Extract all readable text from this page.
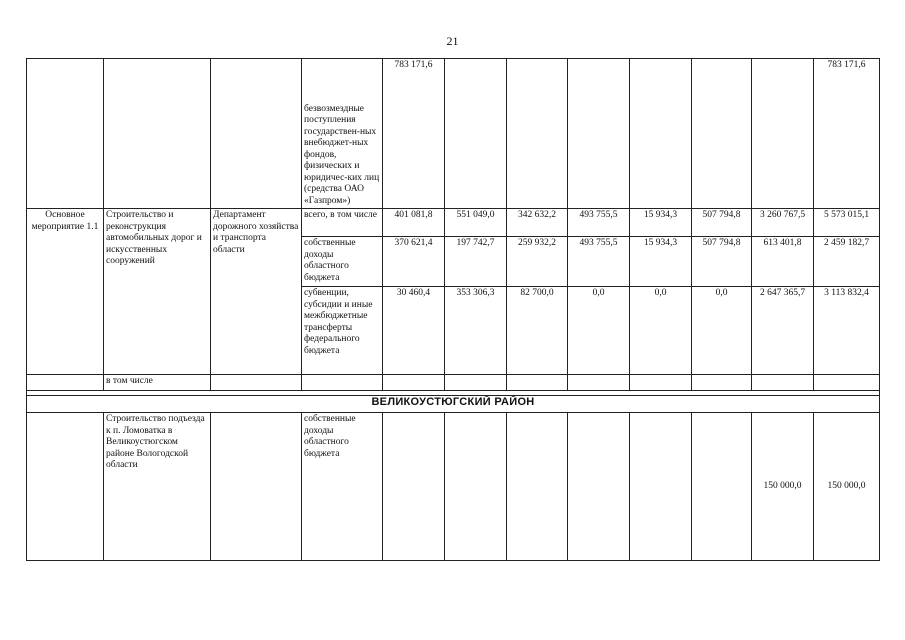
21
			безвозмездные поступления государствен-ных внебюджет-ных фондов, физических и юридичес-ких лиц (средства ОАО «Газпром»)	783 171,6							783 171,6
Основное мероприятие 1.1	Строительство и реконструкция автомобильных дорог и искусственных сооружений	Департамент дорожного хозяйства и транспорта области	всего, в том числе	401 081,8	551 049,0	342 632,2	493 755,5	15 934,3	507 794,8	3 260 767,5	5 573 015,1
			собственные доходы областного бюджета	370 621,4	197 742,7	259 932,2	493 755,5	15 934,3	507 794,8	613 401,8	2 459 182,7
			субвенции, субсидии и иные межбюджетные трансферты федерального бюджета	30 460,4	353 306,3	82 700,0	0,0	0,0	0,0	2 647 365,7	3 113 832,4
	в том числе										

ВЕЛИКОУСТЮГСКИЙ РАЙОН											
	Строительство подъезда к п. Ломоватка в Великоустюгском районе Вологодской области		собственные доходы областного бюджета							150 000,0	150 000,0
